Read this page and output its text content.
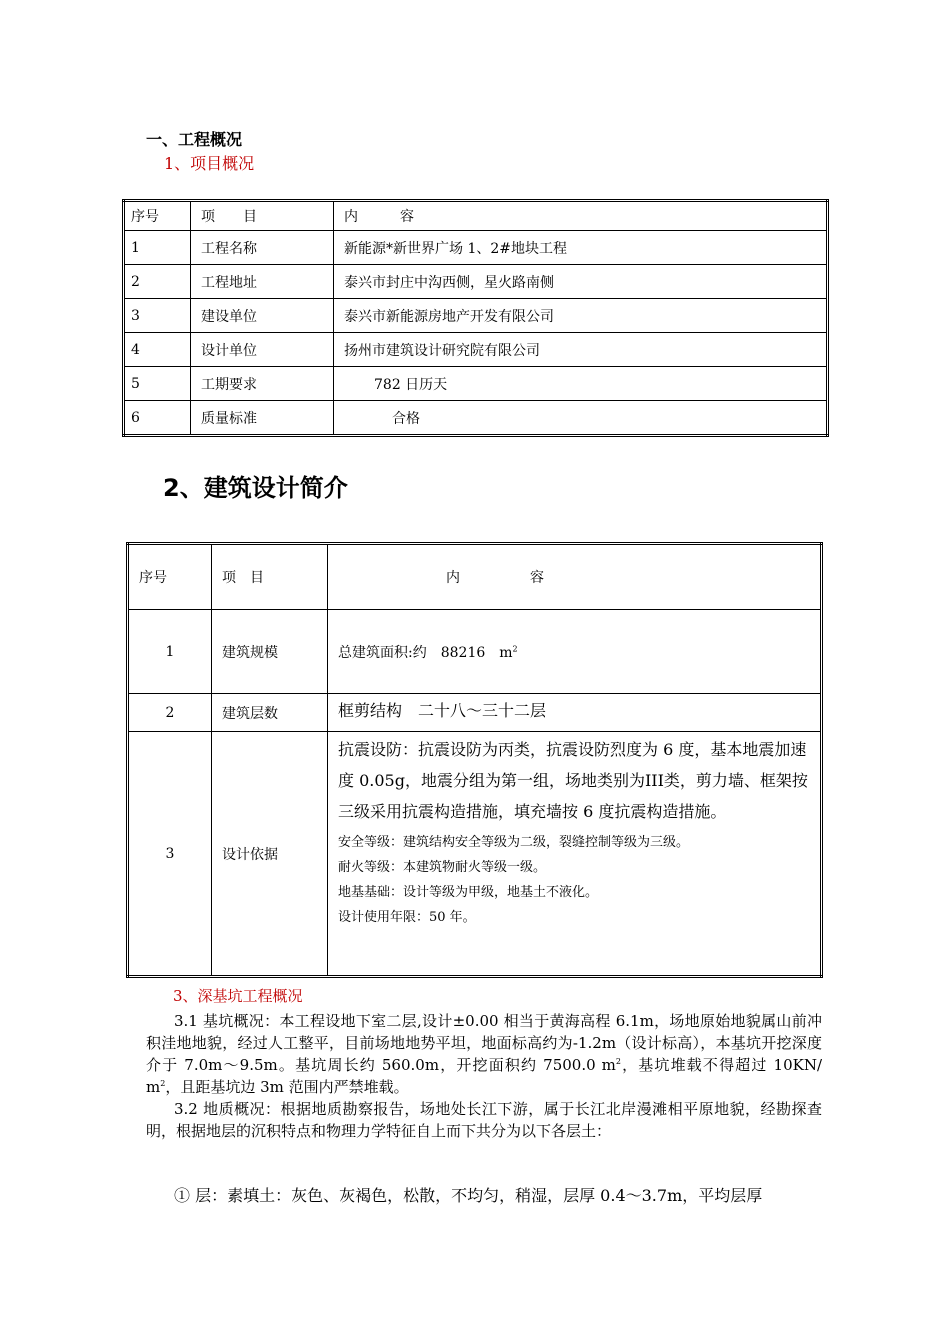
一、工程概况
1、项目概况
序号	项　　目	内　　　容
1	工程名称	新能源*新世界广场 1、2#地块工程
2	工程地址	泰兴市封庄中沟西侧，星火路南侧
3	建设单位	泰兴市新能源房地产开发有限公司
4	设计单位	扬州市建筑设计研究院有限公司
5	工期要求	782 日历天
6	质量标准	合格
2、建筑设计简介
序号	项　目	内　　　　　容
1	建筑规模	总建筑面积:约　88216　$m^2$
2	建筑层数	框剪结构　二十八～三十二层
3	设计依据	抗震设防：抗震设防为丙类，抗震设防烈度为 6 度，基本地震加速度 0.05g，地震分组为第一组，场地类别为III类，剪力墙、框架按三级采用抗震构造措施，填充墙按 6 度抗震构造措施。
安全等级：建筑结构安全等级为二级，裂缝控制等级为三级。
耐火等级：本建筑物耐火等级一级。
地基基础：设计等级为甲级，地基土不液化。
设计使用年限：50 年。
3、深基坑工程概况
3.1 基坑概况：本工程设地下室二层,设计±0.00 相当于黄海高程 6.1m，场地原始地貌属山前冲积洼地地貌，经过人工整平，目前场地地势平坦，地面标高约为-1.2m（设计标高），本基坑开挖深度介于 7.0m～9.5m。基坑周长约 560.0m，开挖面积约 7500.0 $m^2$，基坑堆载不得超过 10KN/ $m^2$，且距基坑边 3m 范围内严禁堆载。
3.2 地质概况：根据地质勘察报告，场地处长江下游，属于长江北岸漫滩相平原地貌，经勘探查明，根据地层的沉积特点和物理力学特征自上而下共分为以下各层土：
① 层：素填土：灰色、灰褐色，松散，不均匀，稍湿，层厚 0.4～3.7m，平均层厚
